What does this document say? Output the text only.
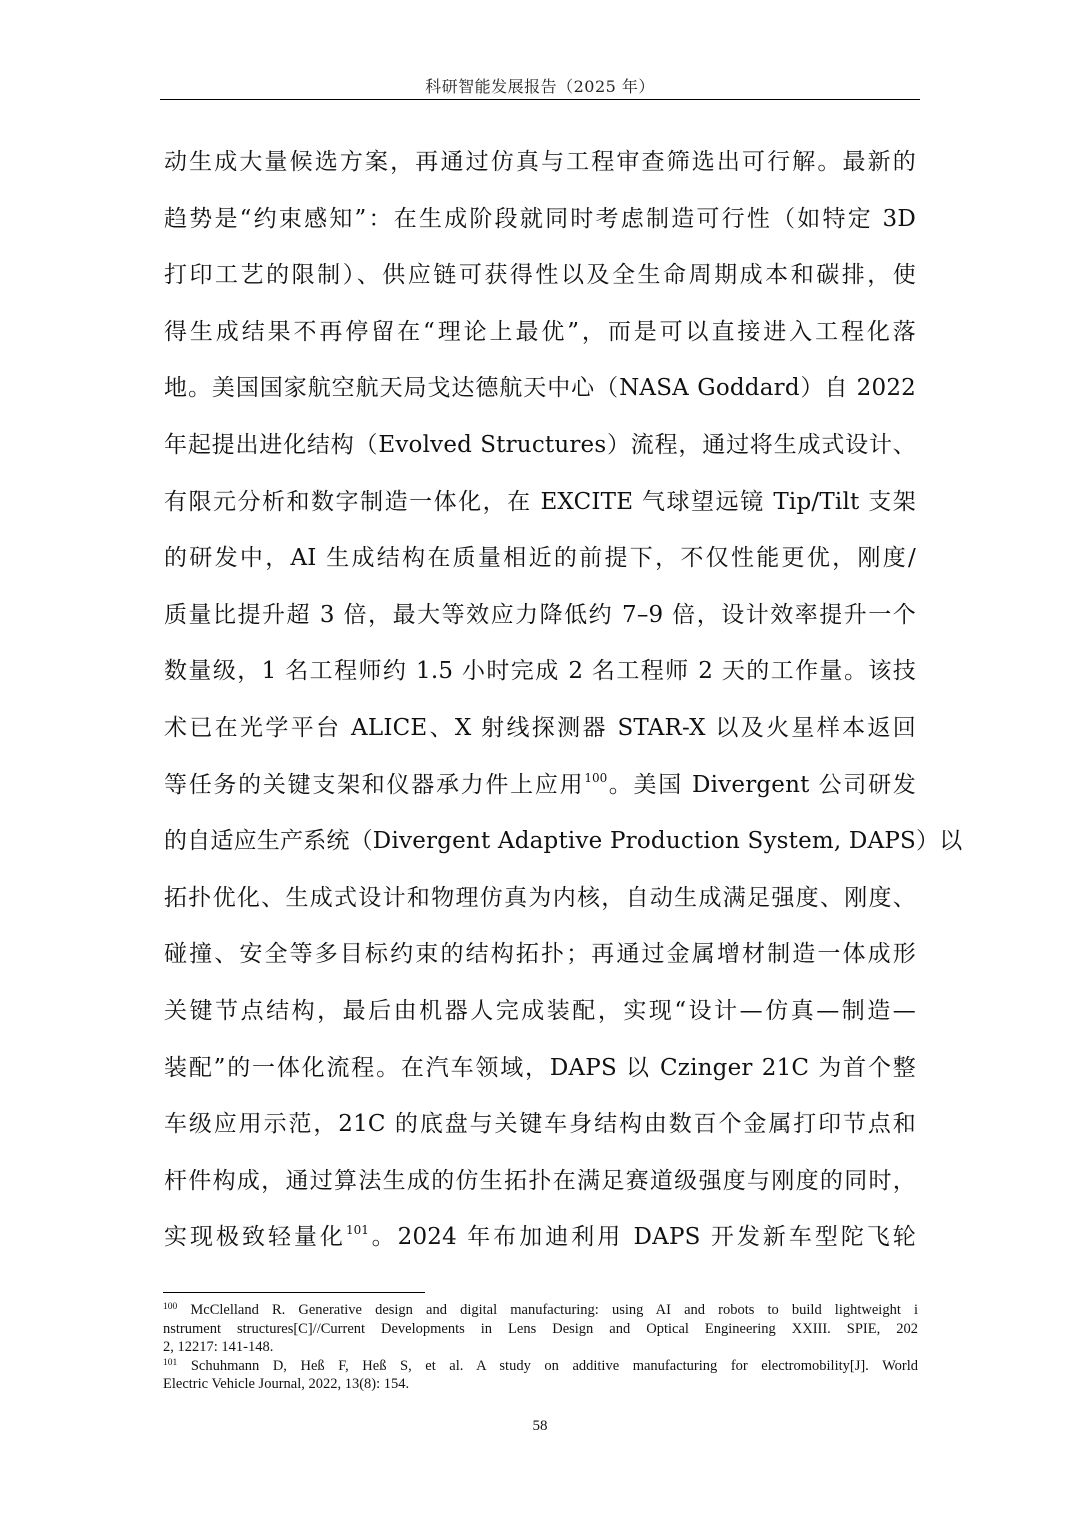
科研智能发展报告（2025 年）
动生成大量候选方案，再通过仿真与工程审查筛选出可行解。最新的
趋势是“约束感知”：在生成阶段就同时考虑制造可行性（如特定 3D
打印工艺的限制）、供应链可获得性以及全生命周期成本和碳排，使
得生成结果不再停留在“理论上最优”，而是可以直接进入工程化落
地。美国国家航空航天局戈达德航天中心（NASA Goddard）自 2022
年起提出进化结构（Evolved Structures）流程，通过将生成式设计、
有限元分析和数字制造一体化，在 EXCITE 气球望远镜 Tip/Tilt 支架
的研发中，AI 生成结构在质量相近的前提下，不仅性能更优，刚度/
质量比提升超 3 倍，最大等效应力降低约 7–9 倍，设计效率提升一个
数量级，1 名工程师约 1.5 小时完成 2 名工程师 2 天的工作量。该技
术已在光学平台 ALICE、X 射线探测器 STAR-X 以及火星样本返回
等任务的关键支架和仪器承力件上应用$^{100}$。美国 Divergent 公司研发
的自适应生产系统（Divergent Adaptive Production System, DAPS）以
拓扑优化、生成式设计和物理仿真为内核，自动生成满足强度、刚度、
碰撞、安全等多目标约束的结构拓扑；再通过金属增材制造一体成形
关键节点结构，最后由机器人完成装配，实现“设计—仿真—制造—
装配”的一体化流程。在汽车领域，DAPS 以 Czinger 21C 为首个整
车级应用示范，21C 的底盘与关键车身结构由数百个金属打印节点和
杆件构成，通过算法生成的仿生拓扑在满足赛道级强度与刚度的同时，
实现极致轻量化$^{101}$。2024 年布加迪利用 DAPS 开发新车型陀飞轮
$^{100}$ McClelland R. Generative design and digital manufacturing: using AI and robots to build lightweight i
nstrument structures[C]//Current Developments in Lens Design and Optical Engineering XXIII. SPIE, 202
2, 12217: 141-148.
$^{101}$ Schuhmann D, Heß F, Heß S, et al. A study on additive manufacturing for electromobility[J]. World
Electric Vehicle Journal, 2022, 13(8): 154.
58
